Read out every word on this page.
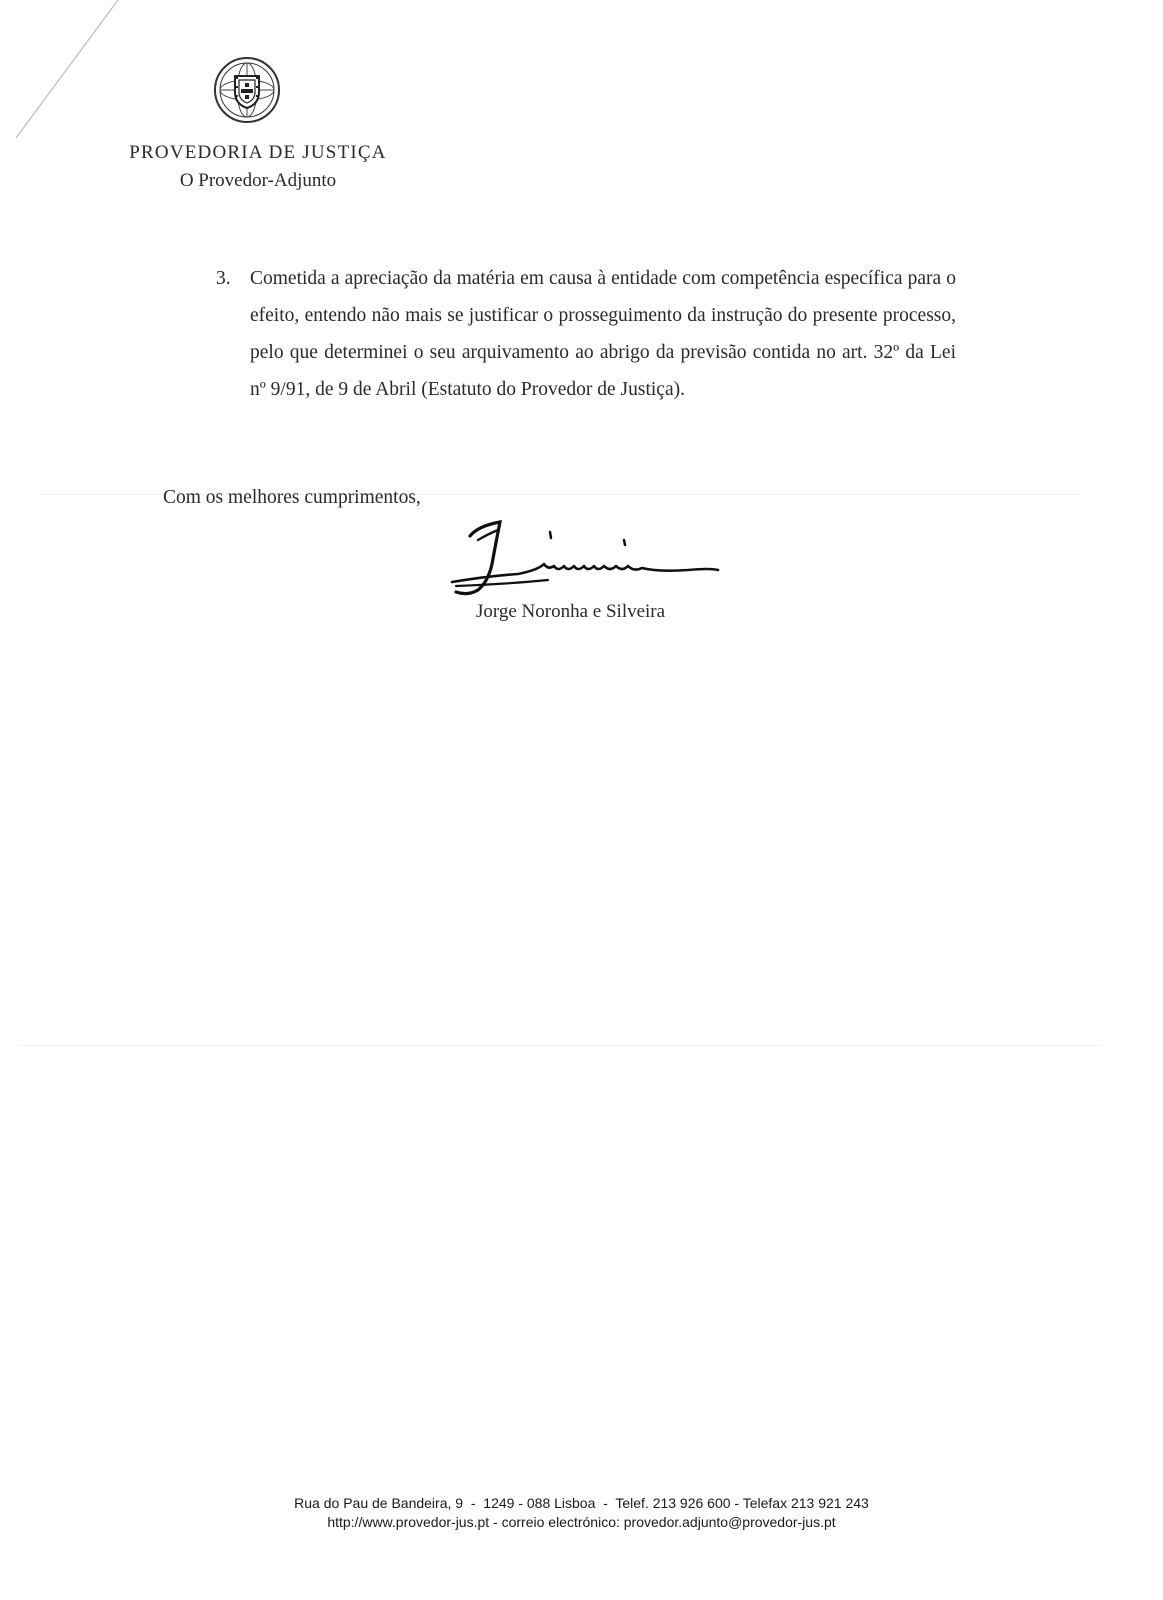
PROVEDORIA DE JUSTIÇA
O Provedor-Adjunto
3. Cometida a apreciação da matéria em causa à entidade com competência específica para o efeito, entendo não mais se justificar o prosseguimento da instrução do presente processo, pelo que determinei o seu arquivamento ao abrigo da previsão contida no art. 32º da Lei nº 9/91, de 9 de Abril (Estatuto do Provedor de Justiça).
Com os melhores cumprimentos,
Jorge Noronha e Silveira
Rua do Pau de Bandeira, 9  -  1249 - 088 Lisboa  -  Telef. 213 926 600 - Telefax 213 921 243
http://www.provedor-jus.pt - correio electrónico: provedor.adjunto@provedor-jus.pt
